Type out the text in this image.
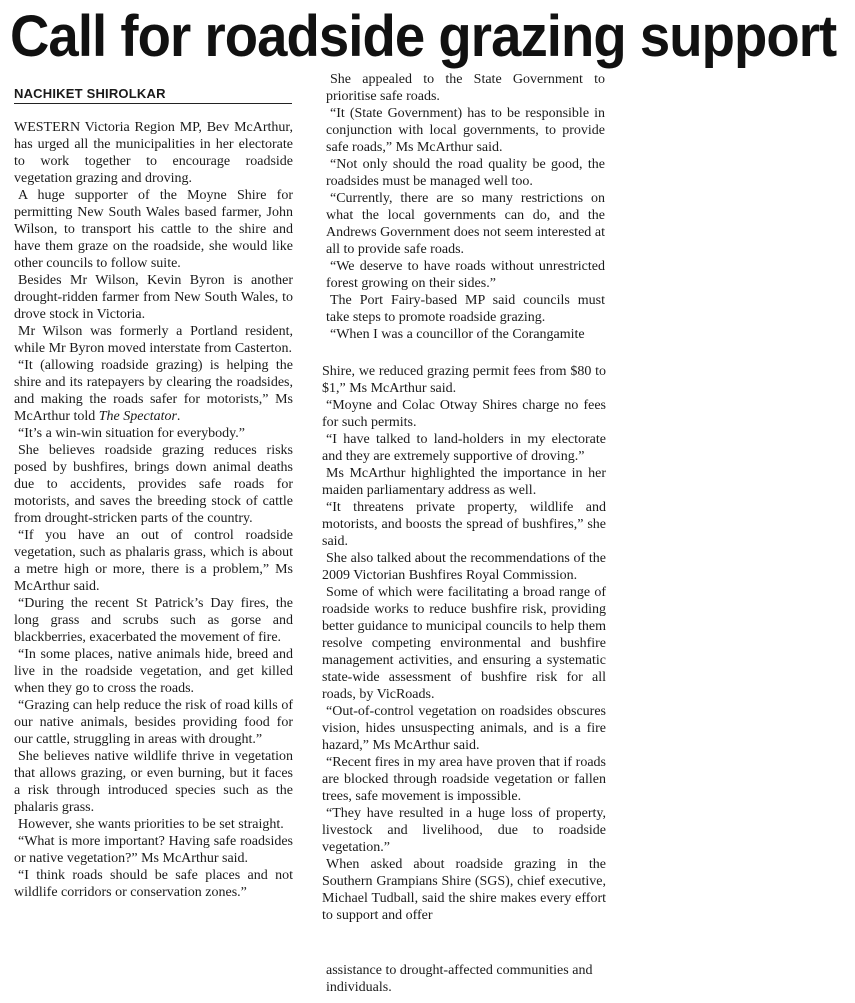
Call for roadside grazing support
NACHIKET SHIROLKAR

WESTERN Victoria Region MP, Bev McArthur, has urged all the municipalities in her electorate to work together to encourage roadside vegetation grazing and droving.

A huge supporter of the Moyne Shire for permitting New South Wales based farmer, John Wilson, to transport his cattle to the shire and have them graze on the roadside, she would like other councils to follow suite.

Besides Mr Wilson, Kevin Byron is another drought-ridden farmer from New South Wales, to drove stock in Victoria.

Mr Wilson was formerly a Portland resident, while Mr Byron moved interstate from Casterton.

“It (allowing roadside grazing) is helping the shire and its ratepayers by clearing the roadsides, and making the roads safer for motorists,” Ms McArthur told The Spectator.

“It’s a win-win situation for everybody.”

She believes roadside grazing reduces risks posed by bushfires, brings down animal deaths due to accidents, provides safe roads for motorists, and saves the breeding stock of cattle from drought-stricken parts of the country.

“If you have an out of control roadside vegetation, such as phalaris grass, which is about a metre high or more, there is a problem,” Ms McArthur said.

“During the recent St Patrick’s Day fires, the long grass and scrubs such as gorse and blackberries, exacerbated the movement of fire.

“In some places, native animals hide, breed and live in the roadside vegetation, and get killed when they go to cross the roads.

“Grazing can help reduce the risk of road kills of our native animals, besides providing food for our cattle, struggling in areas with drought.”

She believes native wildlife thrive in vegetation that allows grazing, or even burning, but it faces a risk through introduced species such as the phalaris grass.

However, she wants priorities to be set straight.

“What is more important? Having safe roadsides or native vegetation?” Ms McArthur said.

“I think roads should be safe places and not wildlife corridors or conservation zones.”

She appealed to the State Government to prioritise safe roads.

“It (State Government) has to be responsible in conjunction with local governments, to provide safe roads,” Ms McArthur said.

“Not only should the road quality be good, the roadsides must be managed well too.

“Currently, there are so many restrictions on what the local governments can do, and the Andrews Government does not seem interested at all to provide safe roads.

“We deserve to have roads without unrestricted forest growing on their sides.”

The Port Fairy-based MP said councils must take steps to promote roadside grazing.

“When I was a councillor of the Corangamite

Shire, we reduced grazing permit fees from $80 to $1,” Ms McArthur said.

“Moyne and Colac Otway Shires charge no fees for such permits.

“I have talked to land-holders in my electorate and they are extremely supportive of droving.”

Ms McArthur highlighted the importance in her maiden parliamentary address as well.

“It threatens private property, wildlife and motorists, and boosts the spread of bushfires,” she said.

She also talked about the recommendations of the 2009 Victorian Bushfires Royal Commission.

Some of which were facilitating a broad range of roadside works to reduce bushfire risk, providing better guidance to municipal councils to help them resolve competing environmental and bushfire management activities, and ensuring a systematic state-wide assessment of bushfire risk for all roads, by VicRoads.

“Out-of-control vegetation on roadsides obscures vision, hides unsuspecting animals, and is a fire hazard,” Ms McArthur said.

“Recent fires in my area have proven that if roads are blocked through roadside vegetation or fallen trees, safe movement is impossible.

“They have resulted in a huge loss of property, livestock and livelihood, due to roadside vegetation.”

When asked about roadside grazing in the Southern Grampians Shire (SGS), chief executive, Michael Tudball, said the shire makes every effort to support and offer

assistance to drought-affected communities and individuals.
